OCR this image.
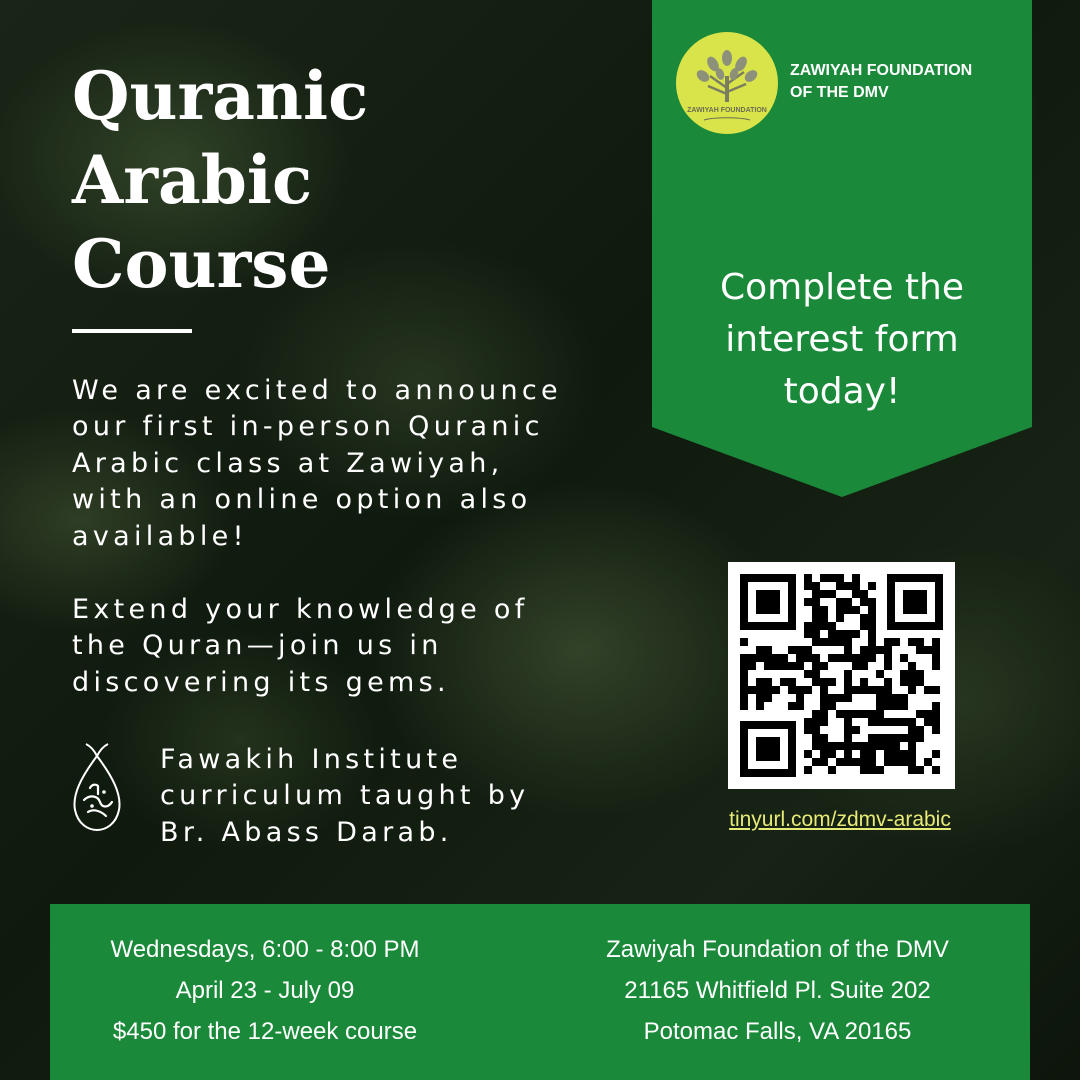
Quranic
Arabic
Course

We are excited to announce
our first in-person Quranic
Arabic class at Zawiyah,
with an online option also
available!

Extend your knowledge of
the Quran—join us in
discovering its gems.

Fawakih Institute
curriculum taught by
Br. Abass Darab.

ZAWIYAH FOUNDATION

ZAWIYAH FOUNDATION
OF THE DMV

Complete the
interest form
today!

tinyurl.com/zdmv-arabic

Wednesdays, 6:00 - 8:00 PM
April 23 - July 09
$450 for the 12-week course

Zawiyah Foundation of the DMV
21165 Whitfield Pl. Suite 202
Potomac Falls, VA 20165
